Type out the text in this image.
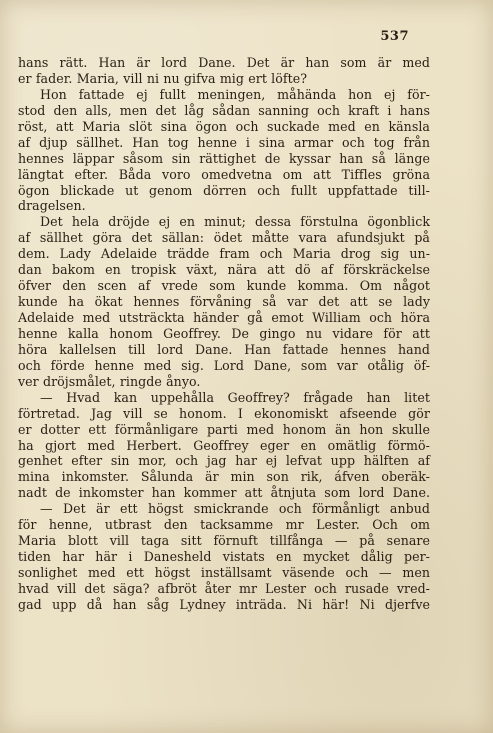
537
hans rätt. Han är lord Dane. Det är han som är med
er fader. Maria, vill ni nu gifva mig ert löfte?
Hon fattade ej fullt meningen, måhända hon ej för-
stod den alls, men det låg sådan sanning och kraft i hans
röst, att Maria slöt sina ögon och suckade med en känsla
af djup sällhet. Han tog henne i sina armar och tog från
hennes läppar såsom sin rättighet de kyssar han så länge
längtat efter. Båda voro omedvetna om att Tiffles gröna
ögon blickade ut genom dörren och fullt uppfattade till-
dragelsen.
Det hela dröjde ej en minut; dessa förstulna ögonblick
af sällhet göra det sällan: ödet måtte vara afundsjukt på
dem. Lady Adelaide trädde fram och Maria drog sig un-
dan bakom en tropisk växt, nära att dö af förskräckelse
öfver den scen af vrede som kunde komma. Om något
kunde ha ökat hennes förvåning så var det att se lady
Adelaide med utsträckta händer gå emot William och höra
henne kalla honom Geoffrey. De gingo nu vidare för att
höra kallelsen till lord Dane. Han fattade hennes hand
och förde henne med sig. Lord Dane, som var otålig öf-
ver dröjsmålet, ringde ånyo.
— Hvad kan uppehålla Geoffrey? frågade han litet
förtretad. Jag vill se honom. I ekonomiskt afseende gör
er dotter ett förmånligare parti med honom än hon skulle
ha gjort med Herbert. Geoffrey eger en omätlig förmö-
genhet efter sin mor, och jag har ej lefvat upp hälften af
mina inkomster. Sålunda är min son rik, áfven oberäk-
nadt de inkomster han kommer att åtnjuta som lord Dane.
— Det är ett högst smickrande och förmånligt anbud
för henne, utbrast den tacksamme mr Lester. Och om
Maria blott vill taga sitt förnuft tillfånga — på senare
tiden har här i Danesheld vistats en mycket dålig per-
sonlighet med ett högst inställsamt väsende och — men
hvad vill det säga? afbröt åter mr Lester och rusade vred-
gad upp då han såg Lydney inträda. Ni här! Ni djerfve
